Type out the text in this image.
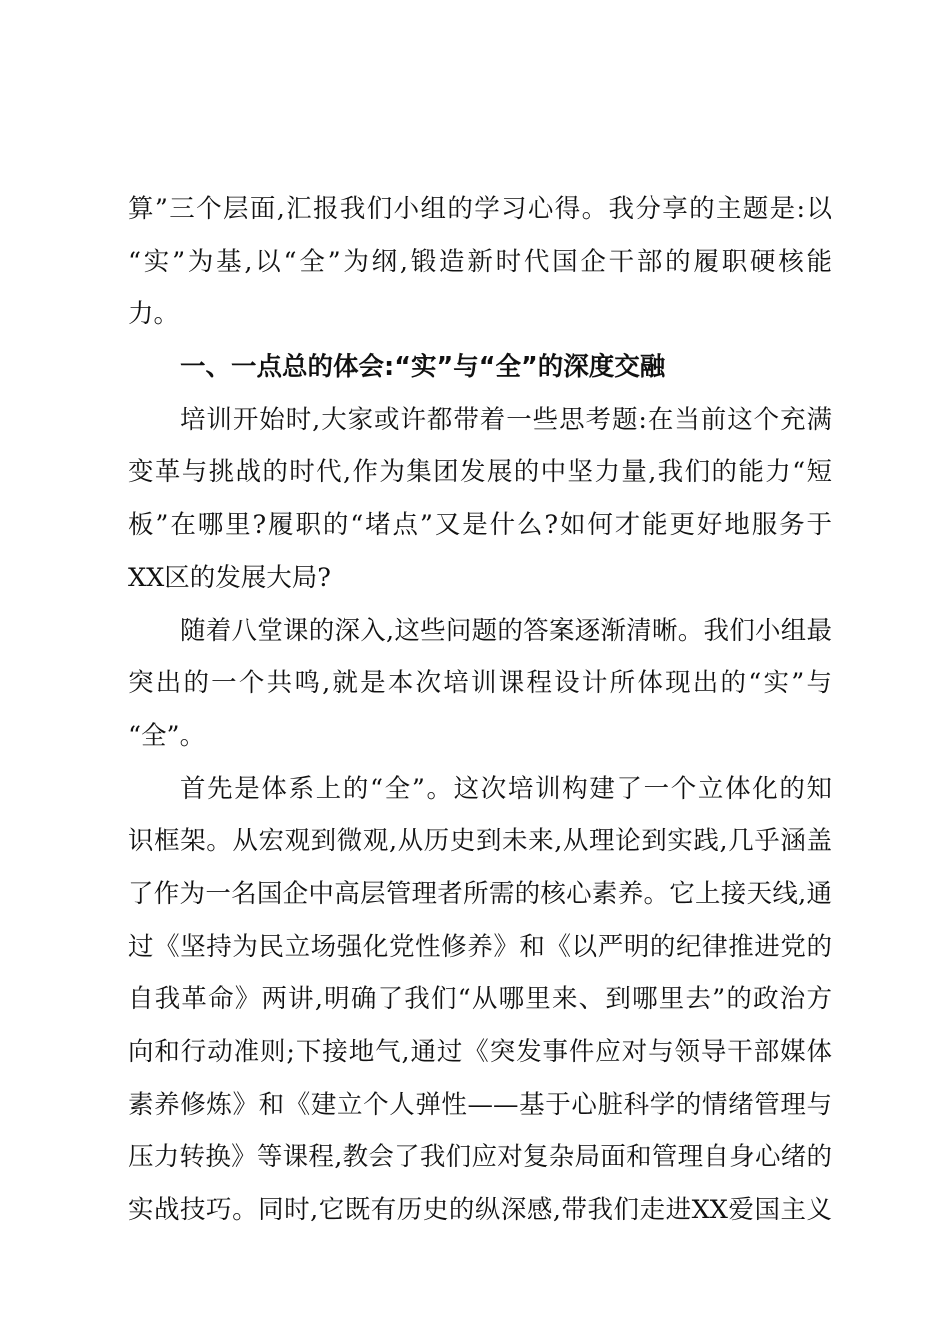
算”三个层面,汇报我们小组的学习心得。我分享的主题是:以
“实”为基,以“全”为纲,锻造新时代国企干部的履职硬核能
力。
一、一点总的体会:“实”与“全”的深度交融
培训开始时,大家或许都带着一些思考题:在当前这个充满
变革与挑战的时代,作为集团发展的中坚力量,我们的能力“短
板”在哪里?履职的“堵点”又是什么?如何才能更好地服务于
XX区的发展大局?
随着八堂课的深入,这些问题的答案逐渐清晰。我们小组最
突出的一个共鸣,就是本次培训课程设计所体现出的“实”与
“全”。
首先是体系上的“全”。这次培训构建了一个立体化的知
识框架。从宏观到微观,从历史到未来,从理论到实践,几乎涵盖
了作为一名国企中高层管理者所需的核心素养。它上接天线,通
过《坚持为民立场强化党性修养》和《以严明的纪律推进党的
自我革命》两讲,明确了我们“从哪里来、到哪里去”的政治方
向和行动准则;下接地气,通过《突发事件应对与领导干部媒体
素养修炼》和《建立个人弹性——基于心脏科学的情绪管理与
压力转换》等课程,教会了我们应对复杂局面和管理自身心绪的
实战技巧。同时,它既有历史的纵深感,带我们走进XX爱国主义
